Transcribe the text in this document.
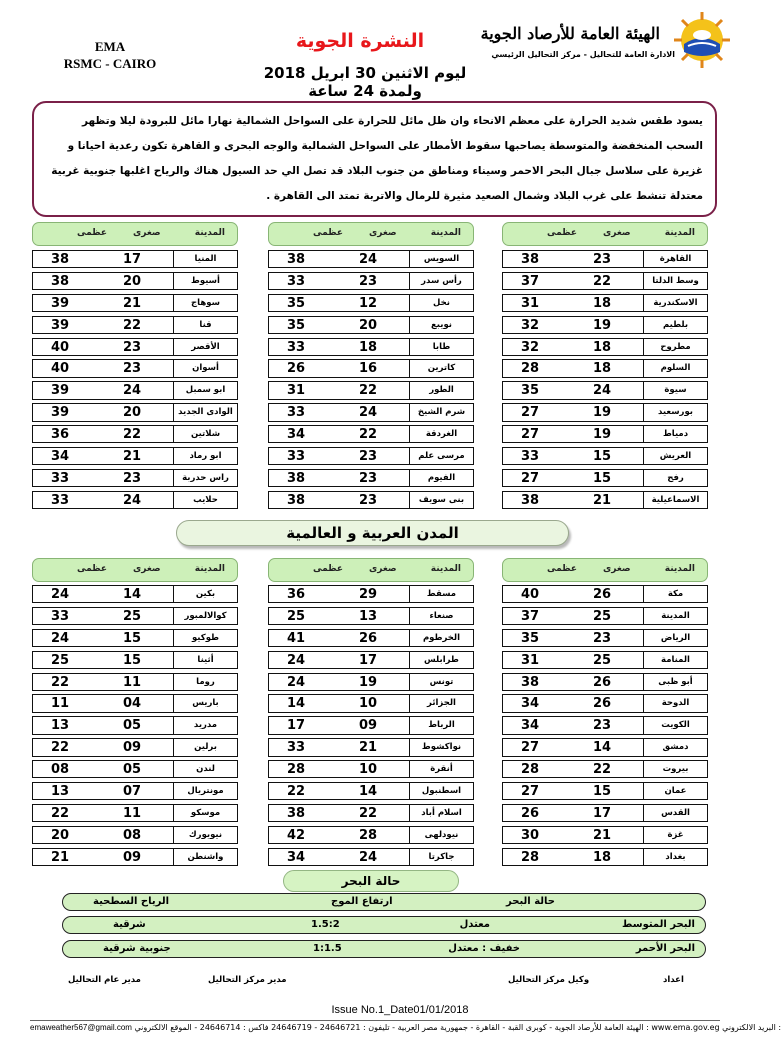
EMA
RSMC - CAIRO
النشرة الجوية
ليوم الاثنين 30 ابريل 2018 ولمدة 24 ساعة
الهيئة العامة للأرصاد الجوية
الادارة العامة للتحاليل - مركز التحاليل الرئيسي
يسود طقس شديد الحرارة على معظم الانحاء وان ظل مائل للحرارة على السواحل الشمالية نهارا مائل للبرودة ليلا وتظهر السحب المنخفضة والمتوسطة يصاحبها سقوط الأمطار على السواحل الشمالية والوجه البحرى و القاهرة تكون رعدية احيانا و غزيرة على سلاسل جبال البحر الاحمر وسيناء ومناطق من جنوب البلاد قد تصل الي حد السيول هناك والرياح اغلبها جنوبية غربية معتدلة تنشط على غرب البلاد وشمال الصعيد مثيرة للرمال والاتربة تمتد الى القاهرة .
المدينة
صغرى
عظمى
القاهرة
23
38
وسط الدلتا
22
37
الاسكندرية
18
31
بلطيم
19
32
مطروح
18
32
السلوم
18
28
سيوة
24
35
بورسعيد
19
27
دمياط
19
27
العريش
15
33
رفح
15
27
الاسماعيلية
21
38
المدينة
صغرى
عظمى
السويس
24
38
رأس سدر
23
33
نخل
12
35
نويبع
20
35
طابا
18
33
كاترين
16
26
الطور
22
31
شرم الشيخ
24
33
الغردقة
22
34
مرسى علم
23
33
الفيوم
23
38
بنى سويف
23
38
المدينة
صغرى
عظمى
المنيا
17
38
أسيوط
20
38
سوهاج
21
39
قنا
22
39
الأقصر
23
40
أسوان
23
40
ابو سمبل
24
39
الوادى الجديد
20
39
شلاتين
22
36
ابو رماد
21
34
راس حدربة
23
33
حلايب
24
33
المدن العربية و العالمية
المدينة
صغرى
عظمى
مكة
26
40
المدينة
25
37
الرياض
23
35
المنامة
25
31
أبو ظبى
26
38
الدوحة
26
34
الكويت
23
34
دمشق
14
27
بيروت
22
28
عمان
15
27
القدس
17
26
غزة
21
30
بغداد
18
28
المدينة
صغرى
عظمى
مسقط
29
36
صنعاء
13
25
الخرطوم
26
41
طرابلس
17
24
تونس
19
24
الجزائر
10
14
الرباط
09
17
نواكشوط
21
33
أنقرة
10
28
اسطنبول
14
22
اسلام أباد
22
38
نيودلهى
28
42
جاكرتا
24
34
المدينة
صغرى
عظمى
بكين
14
24
كوالالمبور
25
33
طوكيو
15
24
أثينا
15
25
روما
11
22
باريس
04
11
مدريد
05
13
برلين
09
22
لندن
05
08
مونتريال
07
13
موسكو
11
22
نيويورك
08
20
واشنطن
09
21
حالة البحر
حالة البحر
ارتفاع الموج
الرياح السطحية
البحر المتوسط
معتدل
1.5:2
شرقية
البحر الأحمر
خفيف : معتدل
1:1.5
جنوبية شرقية
اعداد
وكيل مركز التحاليل
مدير مركز التحاليل
مدير عام التحاليل
Issue No.1_Date01/01/2018
emaweather567@gmail.com الهيئة العامة للأرصاد الجوية - كوبرى القبة - القاهرة - جمهورية مصر العربية - تليفون : 24646721 - 24646719 فاكس : 24646714 - الموقع الالكتروني : www.ema.gov.eg البريد الالكتروني :
